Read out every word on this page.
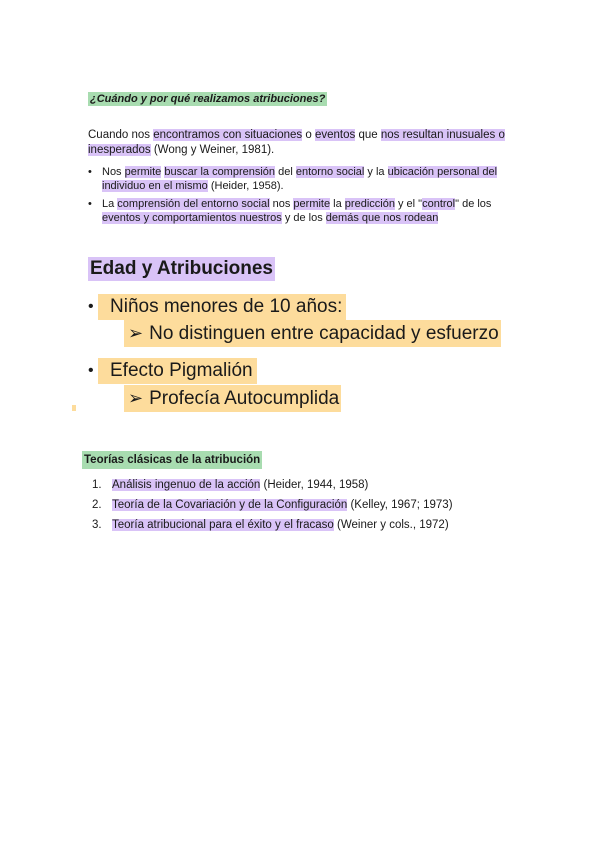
¿Cuándo y por qué realizamos atribuciones?
Cuando nos encontramos con situaciones o eventos que nos resultan inusuales o inesperados (Wong y Weiner, 1981).
• Nos permite buscar la comprensión del entorno social y la ubicación personal del individuo en el mismo (Heider, 1958).
• La comprensión del entorno social nos permite la predicción y el "control" de los eventos y comportamientos nuestros y de los demás que nos rodean
Edad y Atribuciones
• Niños menores de 10 años:
➢ No distinguen entre capacidad y esfuerzo
• Efecto Pigmalión
➢ Profecía Autocumplida
Teorías clásicas de la atribución
1. Análisis ingenuo de la acción (Heider, 1944, 1958)
2. Teoría de la Covariación y de la Configuración (Kelley, 1967; 1973)
3. Teoría atribucional para el éxito y el fracaso (Weiner y cols., 1972)
